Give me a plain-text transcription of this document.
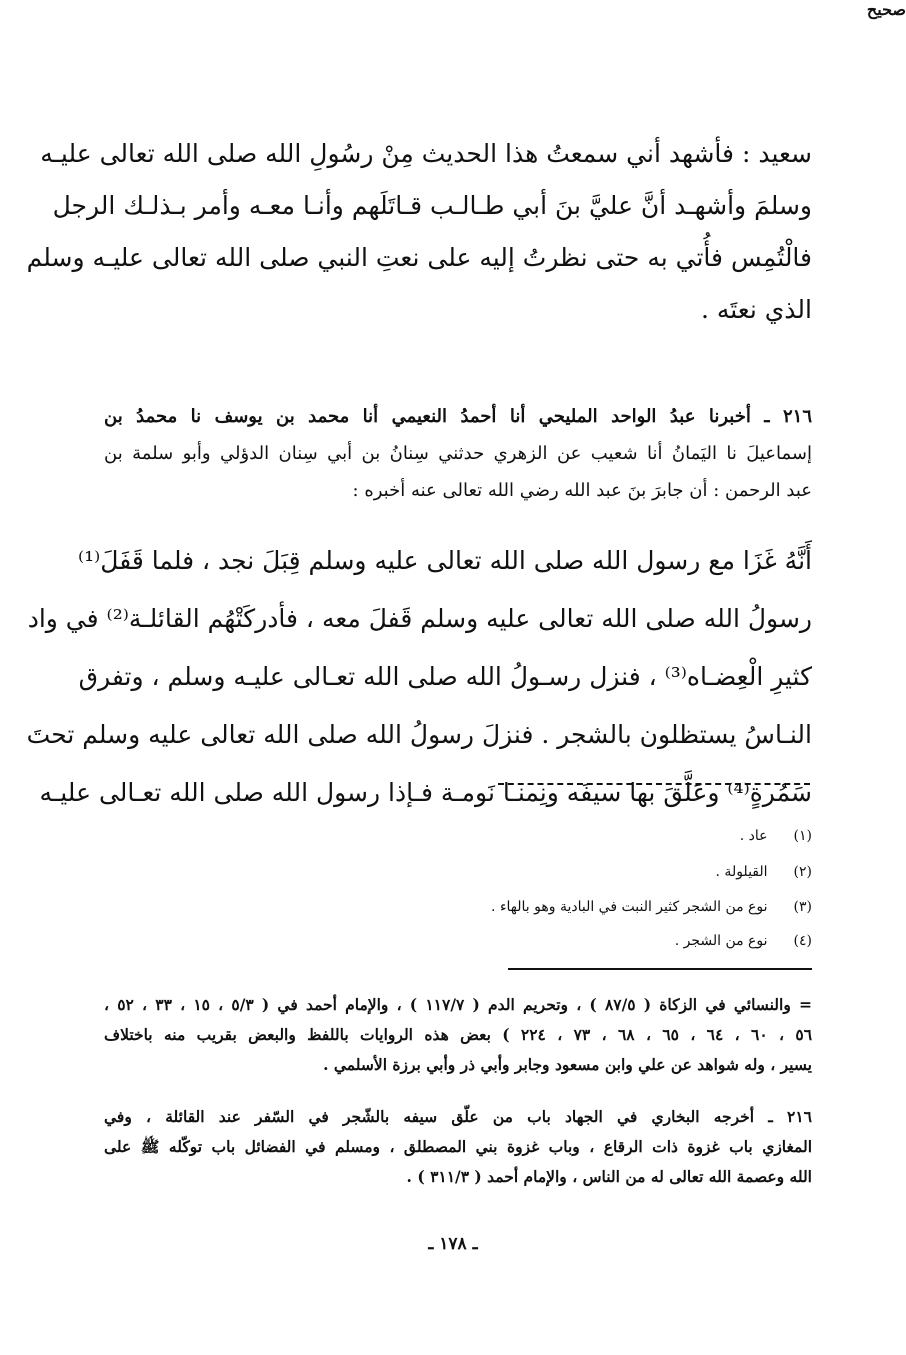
سعيد : فأشهد أني سمعتُ هذا الحديث مِنْ رسُولِ الله صلى الله تعالى عليـه
وسلمَ وأشهـد أنَّ عليَّ بنَ أبي طـالـب قـاتَلَهم وأنـا معـه وأمر بـذلـك الرجل
فالْتُمِس فأُتي به حتى نظرتُ إليه على نعتِ النبي صلى الله تعالى عليـه وسلم
الذي نعتَه .
صحيح
٢١٦ ـ أخبرنا عبدُ الواحد المليحي أنا أحمدُ النعيمي أنا محمد بن يوسف نا محمدُ بن
إسماعيلَ نا اليَمانُ أنا شعيب عن الزهري حدثني سِنانُ بن أبي سِنان الدؤلي وأبو سلمة بن
عبد الرحمن : أن جابرَ بنَ عبد الله رضي الله تعالى عنه أخبره :
أَنَّهُ غَزَا مع رسول الله صلى الله تعالى عليه وسلم قِبَلَ نجد ، فلما قَفَلَ⁽¹⁾
رسولُ الله صلى الله تعالى عليه وسلم قَفلَ معه ، فأدركَتْهُم القائلـة⁽²⁾ في واد
كثيرِ الْعِضـاه⁽³⁾ ، فنزل رسـولُ الله صلى الله تعـالى عليـه وسلم ، وتفرق
النـاسُ يستظلون بالشجر . فنزلَ رسولُ الله صلى الله تعالى عليه وسلم تحتَ
سَمُرةٍ⁽⁴⁾ وعَلَّقَ بها سيفَه ونِمنـا نَومـة فـإذا رسول الله صلى الله تعـالى عليـه
(١) عاد .
(٢) القيلولة .
(٣) نوع من الشجر كثير النبت في البادية وهو بالهاء .
(٤) نوع من الشجر .
= والنسائي في الزكاة ( ٨٧/٥ ) ، وتحريم الدم ( ١١٧/٧ ) ، والإمام أحمد في ( ٥/٣ ، ١٥ ، ٣٣ ، ٥٢ ،
٥٦ ، ٦٠ ، ٦٤ ، ٦٥ ، ٦٨ ، ٧٣ ، ٢٢٤ ) بعض هذه الروايات باللفظ والبعض بقريب منه باختلاف
يسير ، وله شواهد عن علي وابن مسعود وجابر وأبي ذر وأبي برزة الأسلمي .
٢١٦ ـ أخرجه البخاري في الجهاد باب من علّق سيفه بالشّجر في السّفر عند القائلة ، وفي
المغازي باب غزوة ذات الرقاع ، وباب غزوة بني المصطلق ، ومسلم في الفضائل باب توكّله ﷺ على
الله وعصمة الله تعالى له من الناس ، والإمام أحمد ( ٣١١/٣ ) .
ـ ١٧٨ ـ
